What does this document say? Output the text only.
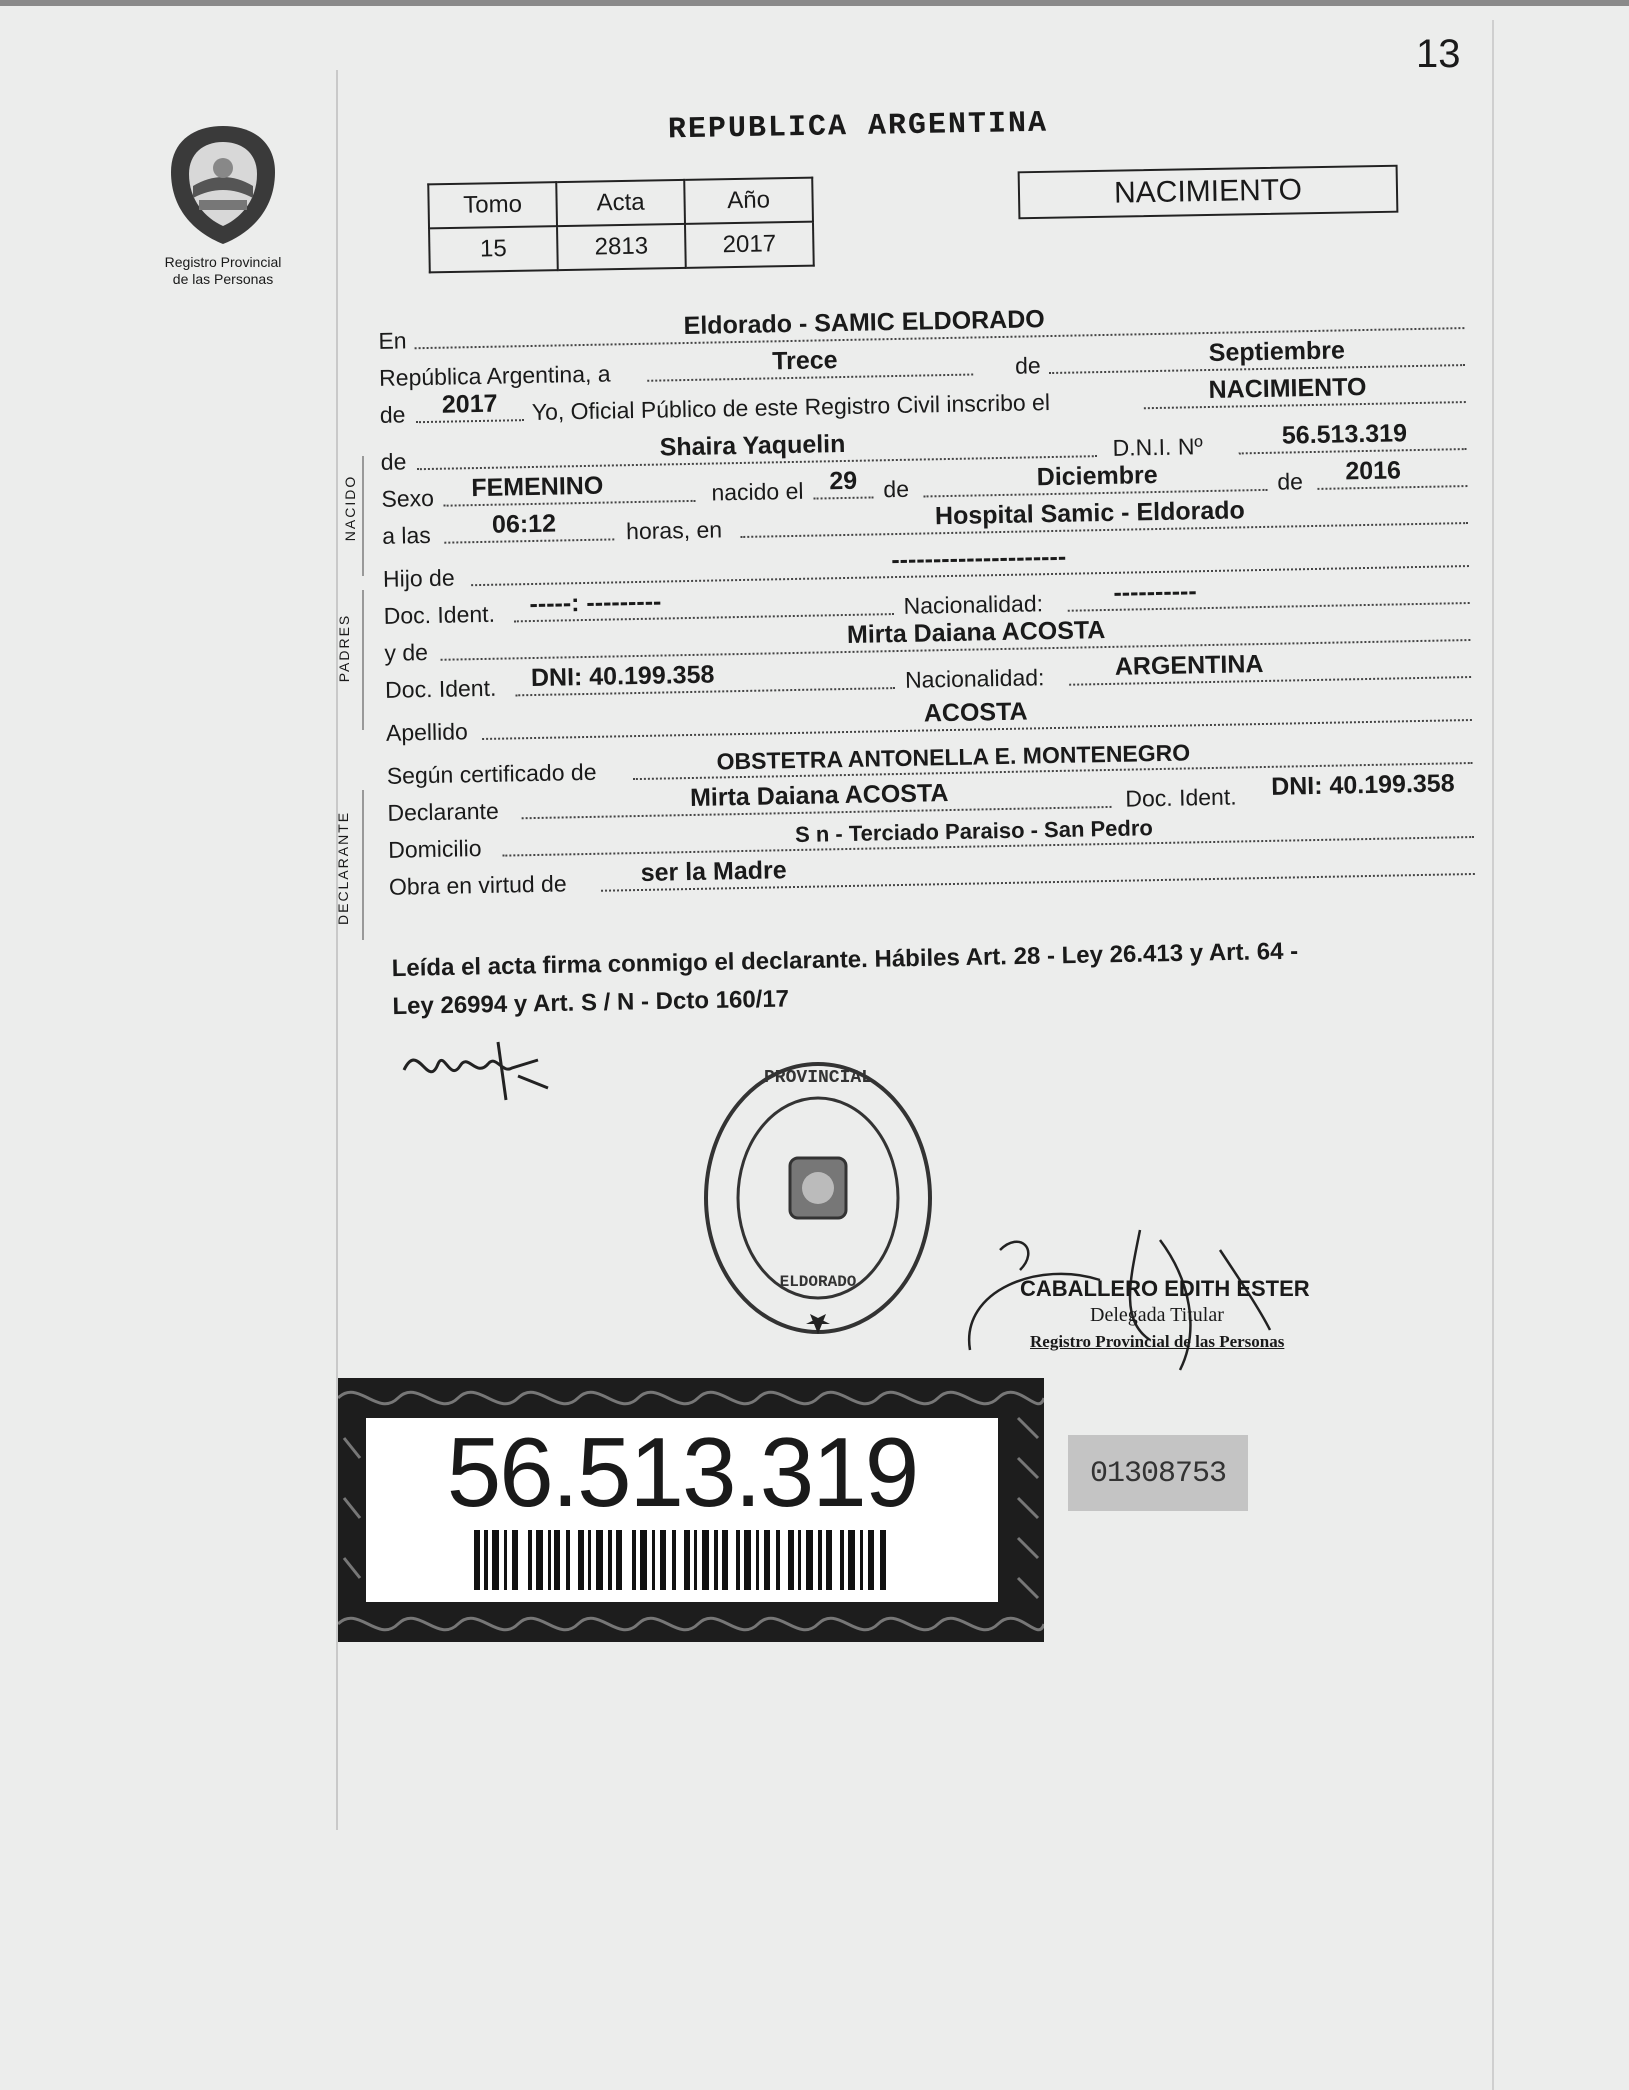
13
Registro Provincial
de las Personas
REPUBLICA ARGENTINA
Tomo	Acta	Año
15	2813	2017
NACIMIENTO
En
Eldorado - SAMIC ELDORADO
República Argentina, a	Trece	de	Septiembre
de 2017 Yo, Oficial Público de este Registro Civil inscribo el
NACIMIENTO
de
Shaira Yaquelin	D.N.I. Nº	56.513.319
Sexo FEMENINO	nacido el 29 de	Diciembre	de 2016
a las 06:12	horas, en
Hospital Samic - Eldorado
Hijo de
---------------------
Doc. Ident. -----: ---------	Nacionalidad:	----------
y de
Mirta Daiana ACOSTA
Doc. Ident. DNI: 40.199.358	Nacionalidad:	ARGENTINA
Apellido
ACOSTA
Según certificado de	OBSTETRA ANTONELLA E. MONTENEGRO
Declarante	Mirta Daiana ACOSTA	Doc. Ident. DNI: 40.199.358
Domicilio
S n - Terciado Paraiso - San Pedro
Obra en virtud de	ser la Madre
NACIDO
PADRES
DECLARANTE
Leída el acta firma conmigo el declarante. Hábiles Art. 28 - Ley 26.413 y Art. 64 -
Ley 26994 y Art. S / N - Dcto 160/17
PROVINCIAL
ELDORADO	CABALLERO EDITH ESTER
Delegada Titular
Registro Provincial de las Personas
56.513.319	01308753
